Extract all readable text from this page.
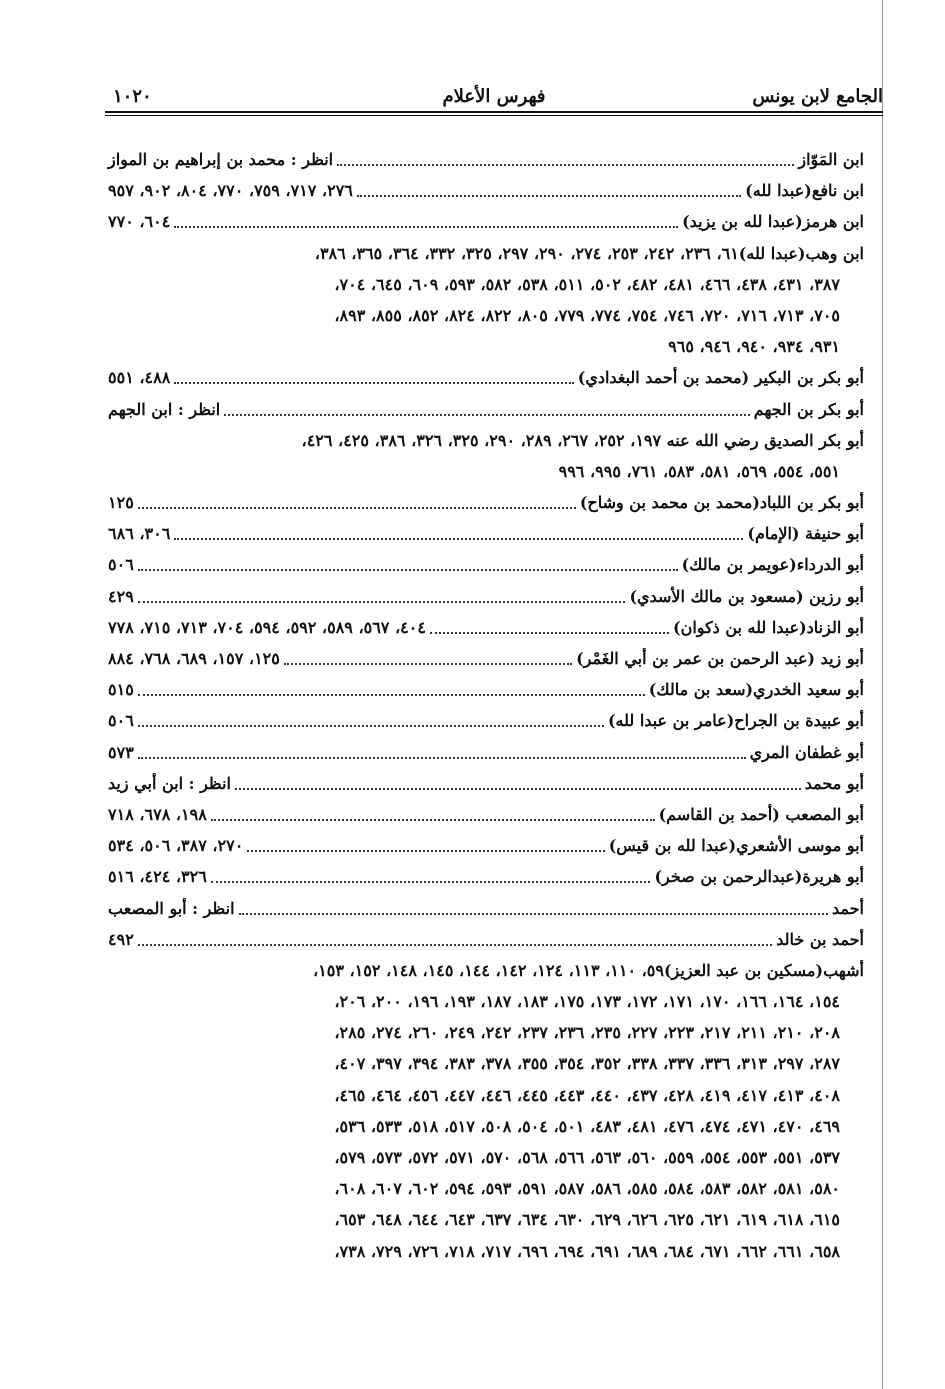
الجامع لابن يونس
فهرس الأعلام
١٠٢٠
ابن المَوّاز
انظر : محمد بن إبراهيم بن المواز
ابن نافع(عبدا لله)
٢٧٦، ٧١٧، ٧٥٩، ٧٧٠، ٨٠٤، ٩٠٢، ٩٥٧
ابن هرمز(عبدا لله بن يزيد)
٦٠٤، ٧٧٠
ابن وهب(عبدا لله)٦١، ٢٣٦، ٢٤٢، ٢٥٣، ٢٧٤، ٢٩٠، ٢٩٧، ٣٢٥، ٣٣٢، ٣٦٤، ٣٦٥، ٣٨٦،
٣٨٧، ٤٣١، ٤٣٨، ٤٦٦، ٤٨١، ٤٨٢، ٥٠٢، ٥١١، ٥٣٨، ٥٨٢، ٥٩٣، ٦٠٩، ٦٤٥، ٧٠٤،
٧٠٥، ٧١٣، ٧١٦، ٧٢٠، ٧٤٦، ٧٥٤، ٧٧٤، ٧٧٩، ٨٠٥، ٨٢٢، ٨٢٤، ٨٥٢، ٨٥٥، ٨٩٣،
٩٣١، ٩٣٤، ٩٤٠، ٩٤٦، ٩٦٥
أبو بكر بن البكير (محمد بن أحمد البغدادي)
٤٨٨، ٥٥١
أبو بكر بن الجهم
انظر : ابن الجهم
أبو بكر الصديق رضي الله عنه ١٩٧، ٢٥٢، ٢٦٧، ٢٨٩، ٢٩٠، ٣٢٥، ٣٢٦، ٣٨٦، ٤٢٥، ٤٢٦،
٥٥١، ٥٥٤، ٥٦٩، ٥٨١، ٥٨٣، ٧٦١، ٩٩٥، ٩٩٦
أبو بكر بن اللباد(محمد بن محمد بن وشاح)
١٢٥
أبو حنيفة (الإمام)
٣٠٦، ٦٨٦
أبو الدرداء(عويمر بن مالك)
٥٠٦
أبو رزين (مسعود بن مالك الأسدي)
٤٢٩
أبو الزناد(عبدا لله بن ذكوان)
٤٠٤، ٥٦٧، ٥٨٩، ٥٩٢، ٥٩٤، ٧٠٤، ٧١٣، ٧١٥، ٧٧٨
أبو زيد (عبد الرحمن بن عمر بن أبي الغَمْر)
١٢٥، ١٥٧، ٦٨٩، ٧٦٨، ٨٨٤
أبو سعيد الخدري(سعد بن مالك)
٥١٥
أبو عبيدة بن الجراح(عامر بن عبدا لله)
٥٠٦
أبو غطفان المري
٥٧٣
أبو محمد
انظر : ابن أبي زيد
أبو المصعب (أحمد بن القاسم)
١٩٨، ٦٧٨، ٧١٨
أبو موسى الأشعري(عبدا لله بن قيس)
٢٧٠، ٣٨٧، ٥٠٦، ٥٣٤
أبو هريرة(عبدالرحمن بن صخر)
٣٢٦، ٤٢٤، ٥١٦
أحمد
انظر : أبو المصعب
أحمد بن خالد
٤٩٢
أشهب(مسكين بن عبد العزيز)٥٩، ١١٠، ١١٣، ١٢٤، ١٤٢، ١٤٤، ١٤٥، ١٤٨، ١٥٢، ١٥٣،
١٥٤، ١٦٤، ١٦٦، ١٧٠، ١٧١، ١٧٢، ١٧٣، ١٧٥، ١٨٣، ١٨٧، ١٩٣، ١٩٦، ٢٠٠، ٢٠٦،
٢٠٨، ٢١٠، ٢١١، ٢١٧، ٢٢٣، ٢٢٧، ٢٣٥، ٢٣٦، ٢٣٧، ٢٤٢، ٢٤٩، ٢٦٠، ٢٧٤، ٢٨٥،
٢٨٧، ٢٩٧، ٣١٣، ٣٣٦، ٣٣٧، ٣٣٨، ٣٥٢، ٣٥٤، ٣٥٥، ٣٧٨، ٣٨٣، ٣٩٤، ٣٩٧، ٤٠٧،
٤٠٨، ٤١٣، ٤١٧، ٤١٩، ٤٢٨، ٤٣٧، ٤٤٠، ٤٤٣، ٤٤٥، ٤٤٦، ٤٤٧، ٤٥٦، ٤٦٤، ٤٦٥،
٤٦٩، ٤٧٠، ٤٧١، ٤٧٤، ٤٧٦، ٤٨١، ٤٨٣، ٥٠١، ٥٠٤، ٥٠٨، ٥١٧، ٥١٨، ٥٣٣، ٥٣٦،
٥٣٧، ٥٥١، ٥٥٣، ٥٥٤، ٥٥٩، ٥٦٠، ٥٦٣، ٥٦٦، ٥٦٨، ٥٧٠، ٥٧١، ٥٧٢، ٥٧٣، ٥٧٩،
٥٨٠، ٥٨١، ٥٨٢، ٥٨٣، ٥٨٤، ٥٨٥، ٥٨٦، ٥٨٧، ٥٩١، ٥٩٣، ٥٩٤، ٦٠٢، ٦٠٧، ٦٠٨،
٦١٥، ٦١٨، ٦١٩، ٦٢١، ٦٢٥، ٦٢٦، ٦٢٩، ٦٣٠، ٦٣٤، ٦٣٧، ٦٤٣، ٦٤٤، ٦٤٨، ٦٥٣،
٦٥٨، ٦٦١، ٦٦٢، ٦٧١، ٦٨٤، ٦٨٩، ٦٩١، ٦٩٤، ٦٩٦، ٧١٧، ٧١٨، ٧٢٦، ٧٢٩، ٧٣٨،
